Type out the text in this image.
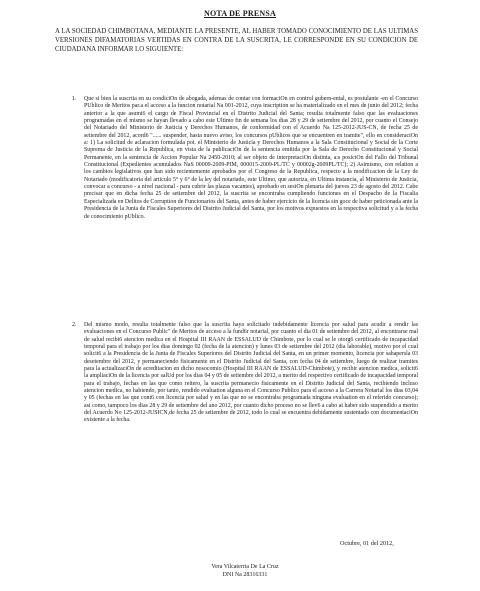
NOTA DE PRENSA
A LA SOCIEDAD CHIMBOTANA, MEDIANTE LA PRESENTE, AL HABER TOMADO CONOCIMIENTO DE LAS ULTIMAS VERSIONES DIFAMATORIAS VERTIDAS EN CONTRA DE LA SUSCRITA, LE CORRESPONDE EN SU CONDICION DE CIUDADANA INFORMAR LO SIGUIENTE:
1. Que si bien la suscrita en su condiciOn de abogada, ademas de contar con formaciOn en control gubern-ental, es postulante -en el Concurso PUblico de Meritos par.a el acceso a la funcion notarial Na 001-2012, cuya inscription se ha materializado en el mes de junio del 2012; fecha anterior a la que asumi6 el cargo de Fiscal Provincial en el Distrito Judicial del Santa; resulta totalmente falso que las evaluaciones programadas en el mismo se hayan llevado a cabo este Ultimo fin de semana los dias 28 y 29 de setiembre del 2012, por cuanto el Consejo del Notariado del Ministerio de Justicia y Derechos Humanos, de conformidad con el Acuerdo Na 125-2012-JUS-CN, de fecha 25 de setiembre del 2012, acord6 "...... suspender, hasta nuevo aviso, los concursos pUblicos que se encuentren en tramite", ello en consideraciOn a: 1) La solicitud de aclaracion formulada poi. el Ministerio de Justicia y Derechos Humanos a la Sala Constitucional y Social de la Corte Suprema de Justicia de la Republica, en vista de la publicaciOn de la sentencia emitida por la Sala de Derecho Constitucional y Social Permanente, en la sentencia de Accion Popular Na 2450-2010; al ser objeto de interpretaciOn distinta, a:s posiciOn del Fallo del Tribunal Constitucional (Expedientes acumulados NaS 00009-2009-PIM, 000015-2009-PL/TC y 00002g-2009PL/TC); 2) Asimismo, con relation a los cambios legislativos que han sido recientemente aprobados por el Congreso de la Republica, respecto a la modificacion de la Ley de Notariado (modificatoria del articulo 5° y 6° de la ley del notariado, este Ultimo, que autoriza, en Ultima instancia, al Ministerio de Justicia, convocar a concurso - a nivel nacional - para cubrir las plazas vacantes), aprobado en sesiOn plenaria del jueves 23 de agosto del 2012. Cabe precisar que en dicha fecha 25 de setiembre del 2012, la suscrita se encontraba cumpliendo funciones en el Despacho de la Fiscalia Especializada en Delitos de Corruption de Funcionarios del Santa, antes de haber ejercicio de la licencia sin goce de haber peticionada ante la Presidencia de la Junta de Fiscales Superiores del Distrito Judicial del Santa, por los motivos expuestos en la respectiva solicitud y a la fecha de conocimiento pUblico.
2. Del mismo modo, resulta totalmente falso que la suscrita haya solicitado indebidamente licencia por salud para acudir a rendir las evaluaciones en el Concurso Public" de Meritos de acceso a la fund6r notarial, por cuanto el dia 01 de setiembre del 2012, al encontrarse mal de salud recibi6 atencion medica en el Hospital III RAAN de ESSALUD de Chimbote, por lo cual se le otorg6 certificado de incapacidad temporal para el trabajo por los dias domingo 02 (fecha de la atencion) y lunes 03 de setiembre del 2012 (dia laborable), motivo por el cual solicit6 a la Presidencia de la Junta de Fiscales Superiores del Distrito Judicial del Santa, en un primer momento, licencia por sahapersla 03 desetembre del 2012, y permaneciendo fisicamente en el Distrito Judicial del Santa, con fecha 04 de setiembre, luego de realizar tramites para la actualizaciOn de acreditacion en dicho nosocomio (Hospital III RAAN de ESSALUD-Chimbote), y recibir atencion medica, solicit6 la ampliaciOn de la licencia por salUd por los dias 04 y 05 de setiembre del 2012, a merito del respectivo certificado de incapacidad temporal para el trabajo, fechas en las que como reitero, la suscrita permanecio fisicamente en el Distrito Judicial del Santa, recibiendo incluso atencion medica, no habiendo, por tanto, rendido evaluation alguna en el Concurso Publico para el acceso a la Carrera Notarial los dias 03,04 y 05 (fechas en las que cont6 con licencia por salud y en las que no se encontraba programada ninguna evaluation en el referido concurso); asi como, tampoco los dias 28 y 29 de setiembre del ano 2012, por cuanto dicho proceso no se llev6 a cabo at haber sido suspendido a merito del Acuerdo No 125-2012-JUSICN,de fecha 25 de setiembre de 2012, todo lo cual se encuentra debidamente sustentado con documentaciOn existente a la fecha.
Octubre, 01 del 2012,
Vera Vilcaterria De La Cruz
DNI Na 28316331
